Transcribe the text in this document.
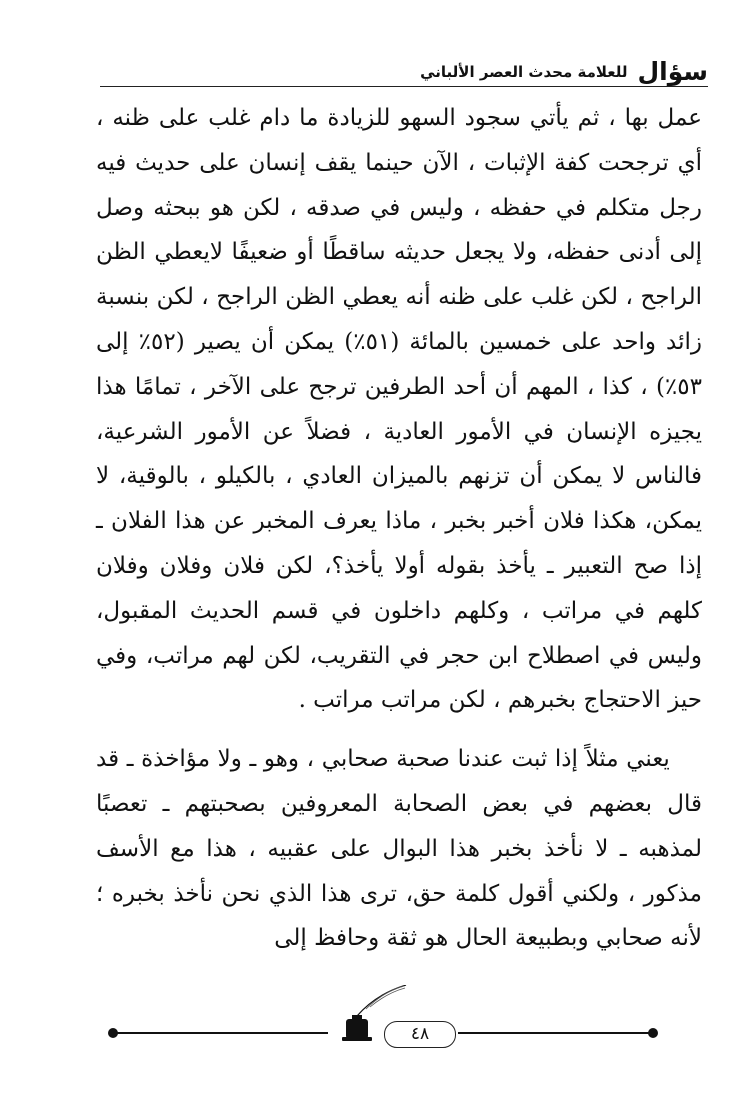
سؤال
للعلامة محدث العصر الألباني

عمل بها ، ثم يأتي سجود السهو للزيادة ما دام غلب على ظنه ، أي ترجحت كفة الإثبات ، الآن حينما يقف إنسان على حديث فيه رجل متكلم في حفظه ، وليس في صدقه ، لكن هو ببحثه وصل إلى أدنى حفظه، ولا يجعل حديثه ساقطًا أو ضعيفًا لايعطي الظن الراجح ، لكن غلب على ظنه أنه يعطي الظن الراجح ، لكن بنسبة زائد واحد على خمسين بالمائة (٥١٪) يمكن أن يصير (٥٢٪ إلى ٥٣٪) ، كذا ، المهم أن أحد الطرفين ترجح على الآخر ، تمامًا هذا يجيزه الإنسان في الأمور العادية ، فضلاً عن الأمور الشرعية، فالناس لا يمكن أن تزنهم بالميزان العادي ، بالكيلو ، بالوقية، لا يمكن، هكذا فلان أخبر بخبر ، ماذا يعرف المخبر عن هذا الفلان ـ إذا صح التعبير ـ يأخذ بقوله أولا يأخذ؟، لكن فلان وفلان وفلان كلهم في مراتب ، وكلهم داخلون في قسم الحديث المقبول، وليس في اصطلاح ابن حجر في التقريب، لكن لهم مراتب، وفي حيز الاحتجاج بخبرهم ، لكن مراتب مراتب .

يعني مثلاً إذا ثبت عندنا صحبة صحابي ، وهو ـ ولا مؤاخذة ـ قد قال بعضهم في بعض الصحابة المعروفين بصحبتهم ـ تعصبًا لمذهبه ـ لا نأخذ بخبر هذا البوال على عقبيه ، هذا مع الأسف مذكور ، ولكني أقول كلمة حق، ترى هذا الذي نحن نأخذ بخبره ؛ لأنه صحابي وبطبيعة الحال هو ثقة وحافظ إلى

٤٨
